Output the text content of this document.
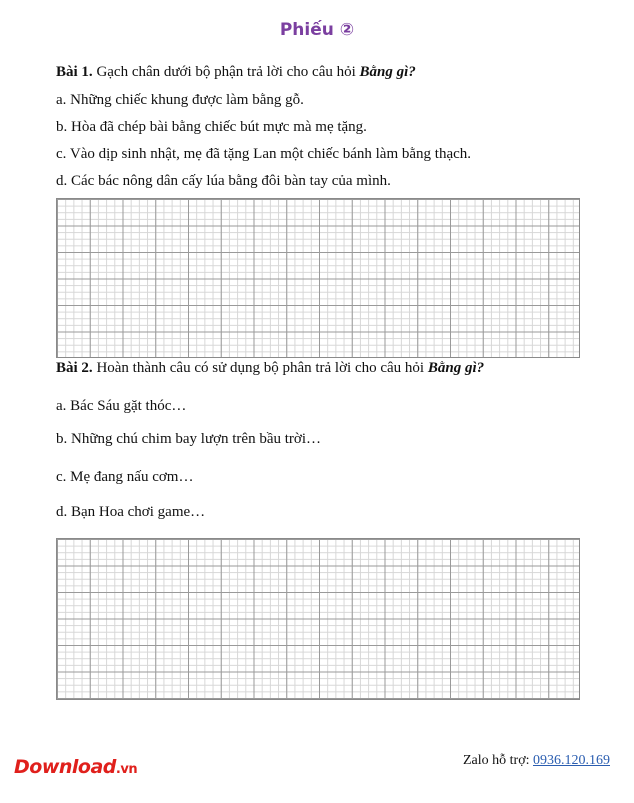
Phiếu ②
Bài 1. Gạch chân dưới bộ phận trả lời cho câu hỏi Bằng gì?
a. Những chiếc khung được làm bằng gỗ.
b. Hòa đã chép bài bằng chiếc bút mực mà mẹ tặng.
c. Vào dịp sinh nhật, mẹ đã tặng Lan một chiếc bánh làm bằng thạch.
d. Các bác nông dân cấy lúa bằng đôi bàn tay của mình.
Bài 2. Hoàn thành câu có sử dụng bộ phân trả lời cho câu hỏi Bằng gì?
a. Bác Sáu gặt thóc…
b. Những chú chim bay lượn trên bầu trời…
c. Mẹ đang nấu cơm…
d. Bạn Hoa chơi game…
Download.vn
Zalo hỗ trợ: 0936.120.169
